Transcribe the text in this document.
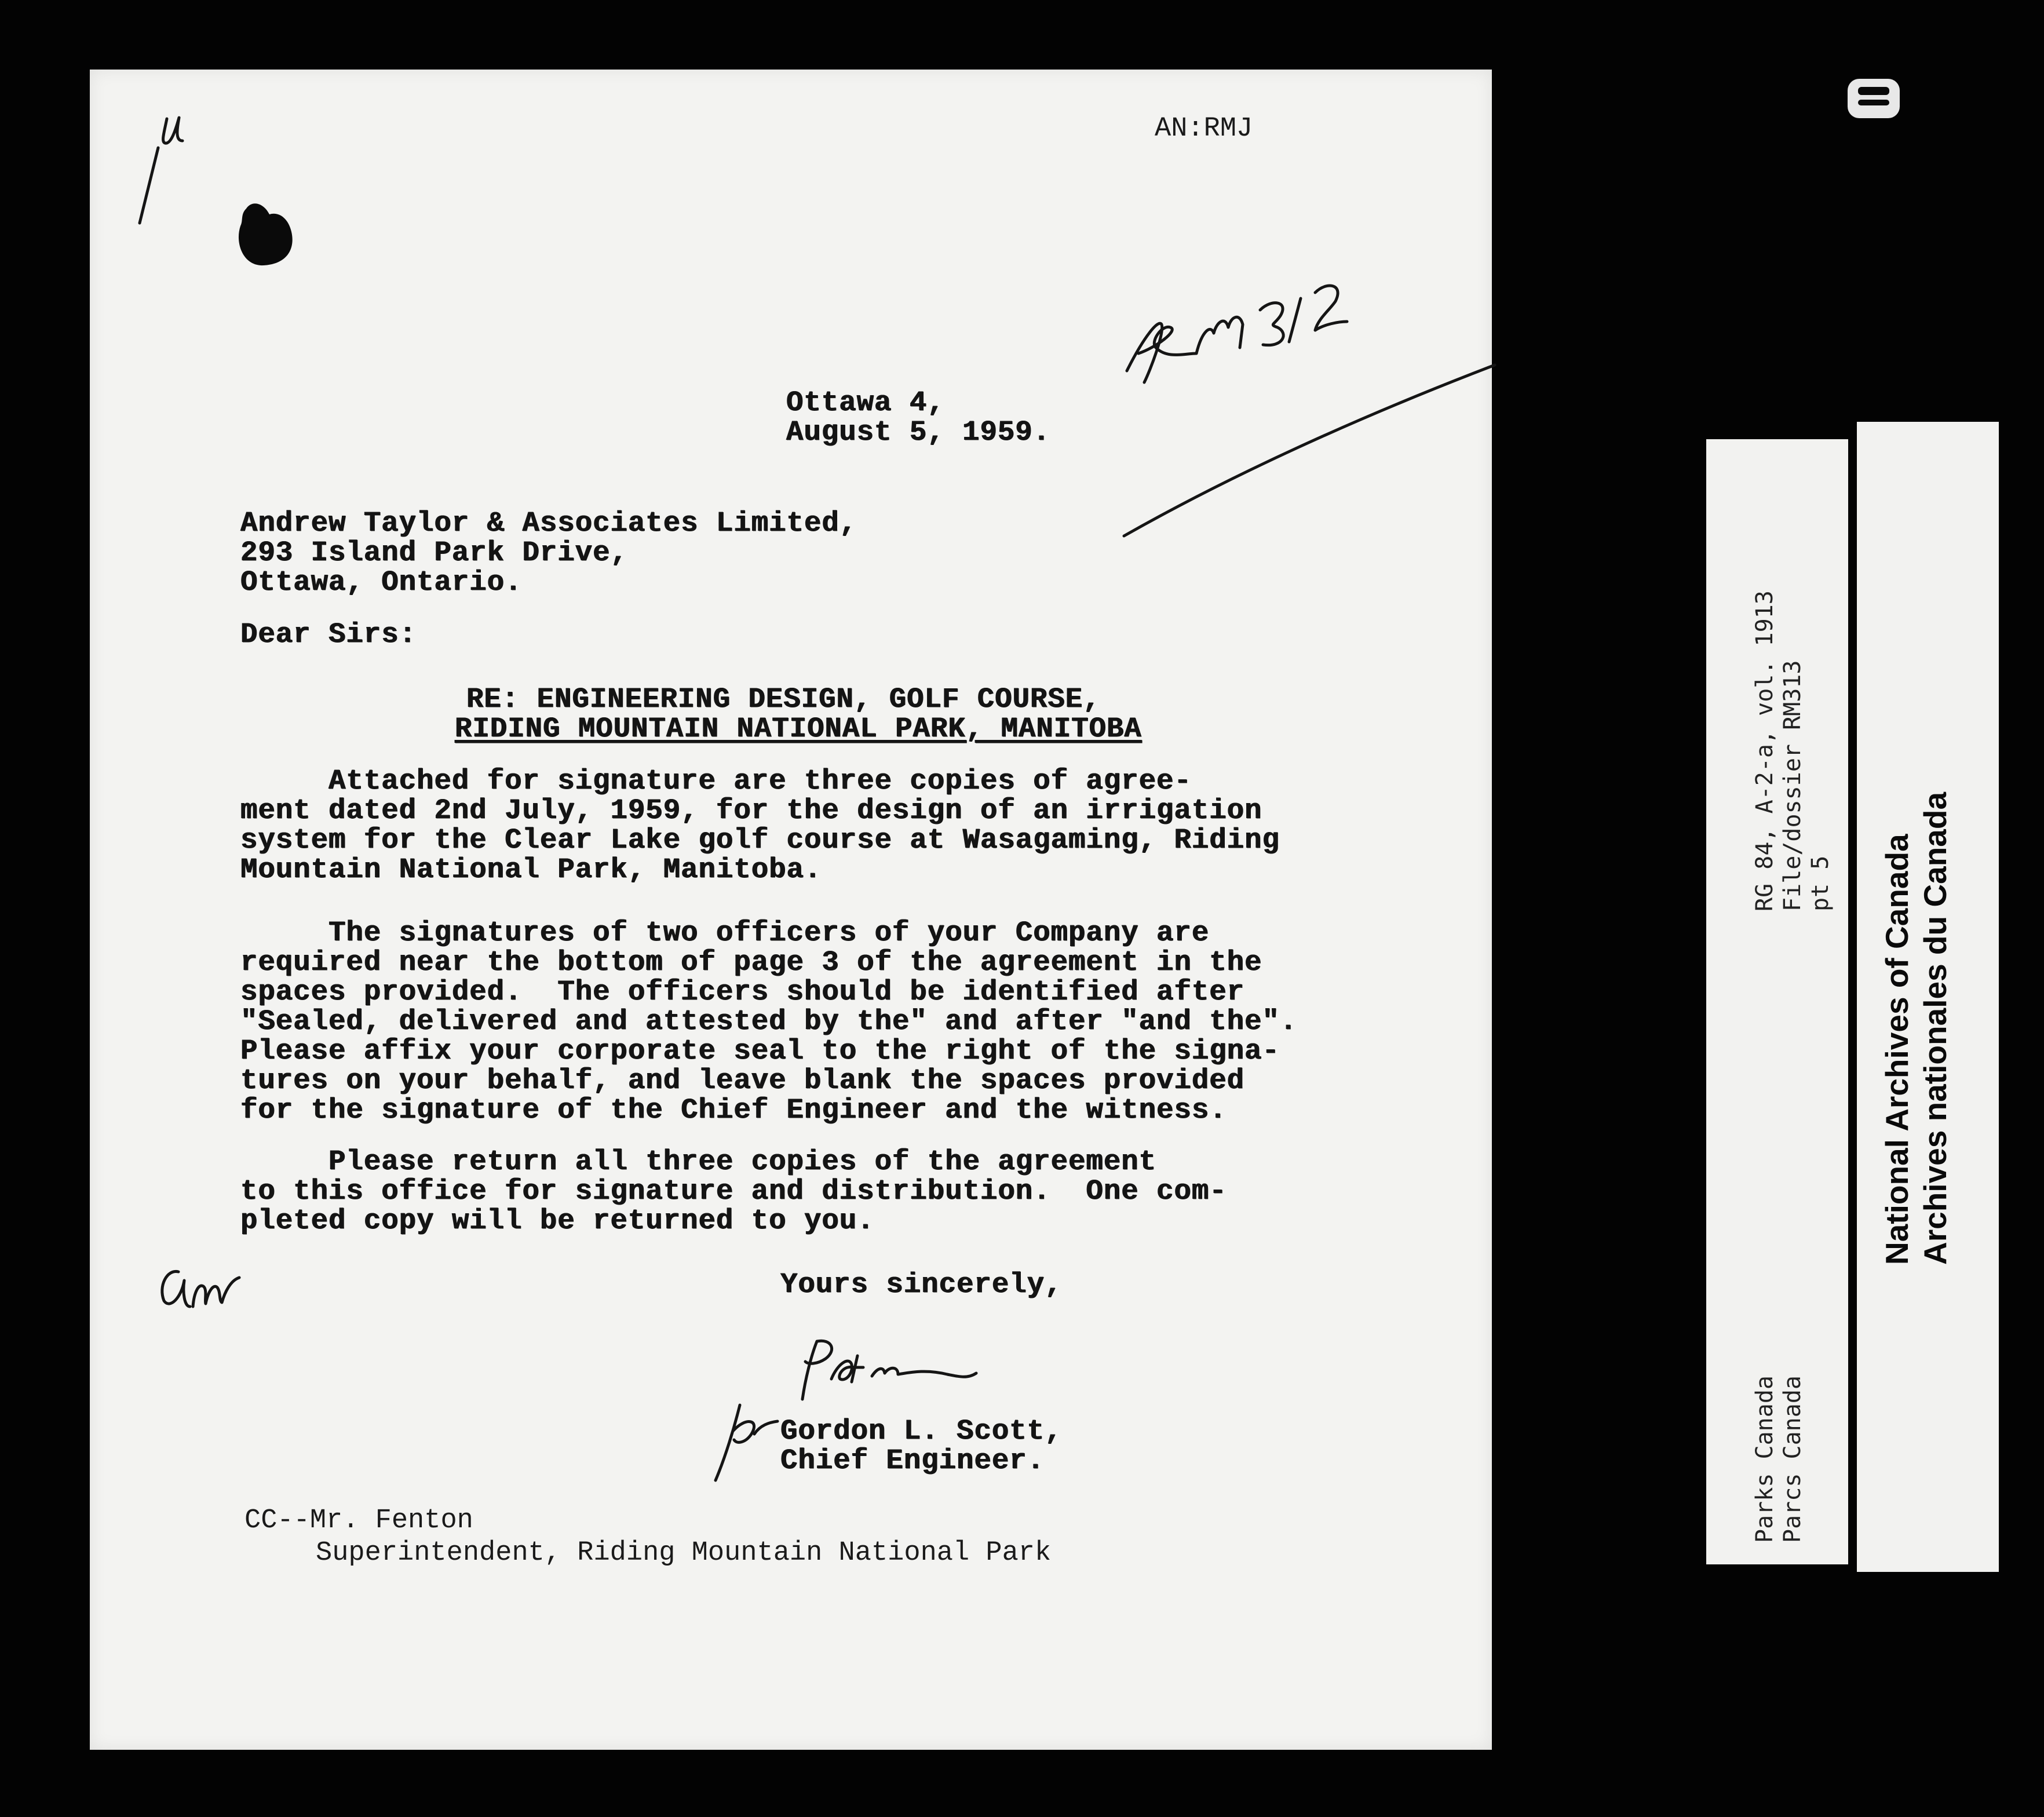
AN:RMJ
Ottawa 4,
August 5, 1959.
Andrew Taylor & Associates Limited,
293 Island Park Drive,
Ottawa, Ontario.
Dear Sirs:
RE: ENGINEERING DESIGN, GOLF COURSE,
RIDING MOUNTAIN NATIONAL PARK, MANITOBA
Attached for signature are three copies of agree-
ment dated 2nd July, 1959, for the design of an irrigation
system for the Clear Lake golf course at Wasagaming, Riding
Mountain National Park, Manitoba.
The signatures of two officers of your Company are
required near the bottom of page 3 of the agreement in the
spaces provided.  The officers should be identified after
"Sealed, delivered and attested by the" and after "and the".
Please affix your corporate seal to the right of the signa-
tures on your behalf, and leave blank the spaces provided
for the signature of the Chief Engineer and the witness.
Please return all three copies of the agreement
to this office for signature and distribution.  One com-
pleted copy will be returned to you.
Yours sincerely,
Gordon L. Scott,
Chief Engineer.
CC--Mr. Fenton
Superintendent, Riding Mountain National Park
RG 84, A-2-a, vol. 1913 File/dossier RM313 pt 5
Parks Canada Parcs Canada
National Archives of Canada Archives nationales du Canada
